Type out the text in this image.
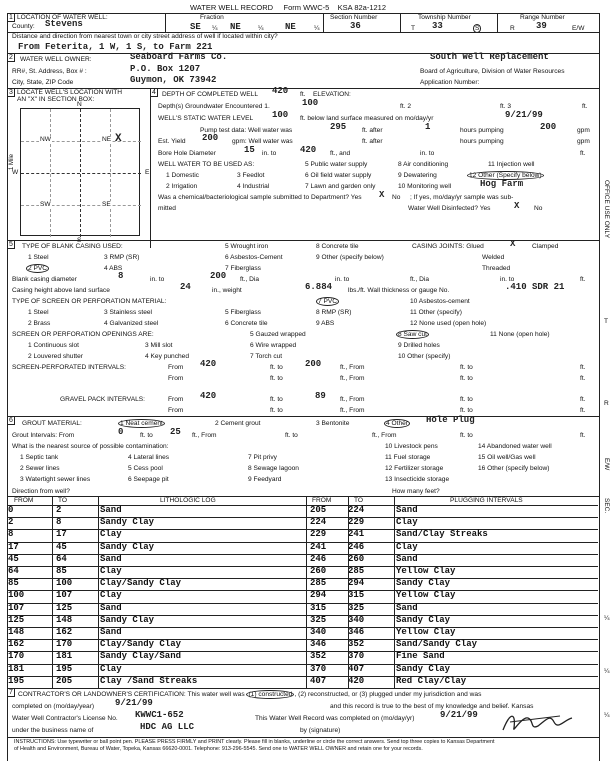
WATER WELL RECORD Form WWC-5 KSA 82a-1212
1 LOCATION OF WATER WELL:
County: Stevens
Fraction
SE ¼ NE	¼ NE	¼
Section Number
36
Township Number
T 33	S
Range Number
R 39	E/W
Distance and direction from nearest town or city street address of well if located within city?
From Feterita, 1 W, 1 S, to Farm 221
2	WATER WELL OWNER:	Seaboard Farms Co.	South Well Replacement
RR#, St. Address, Box # :	P.O. Box 1207	Board of Agriculture, Division of Water Resources
City, State, ZIP Code	Guymon, OK 73942	Application Number:
3 LOCATE WELL'S LOCATION WITH
AN "X" IN SECTION BOX:
N
S
W	E
NW	NE X
SW	SE
1 Mile
4 DEPTH OF COMPLETED WELL 420 ft. ELEVATION:
Depth(s) Groundwater Encountered 1.	100	ft. 2	ft. 3	ft.
WELL'S STATIC WATER LEVEL 100 ft. below land surface measured on mo/day/yr	9/21/99
Pump test data: Well water was	295 ft. after	1	hours pumping	200	gpm
Est. Yield 200 gpm: Well water was	ft. after	hours pumping	gpm
Bore Hole Diameter	15 in. to	420 ft., and	in. to	ft.
WELL WATER TO BE USED AS:	5 Public water supply	8 Air conditioning	11 Injection well
1 Domestic	3 Feedlot	6 Oil field water supply	9 Dewatering	12 Other (Specify below)
2 Irrigation	4 Industrial	7 Lawn and garden only	10 Monitoring well	Hog Farm
Was a chemical/bacteriological sample submitted to Department? Yes X No ; If yes, mo/day/yr sample was sub-
mitted	Water Well Disinfected? Yes	X No
5	TYPE OF BLANK CASING USED:	5 Wrought iron	8 Concrete tile	CASING JOINTS: Glued	X	Clamped
1 Steel	3 RMP (SR)	6 Asbestos-Cement	9 Other (specify below)	Welded
2 PVC	4 ABS	7 Fiberglass	Threaded
Blank casing diameter	8	in. to	200 ft., Dia	in. to	ft., Dia	in. to	ft.
Casing height above land surface	24	in., weight	6.884 lbs./ft. Wall thickness or gauge No.	.410 SDR 21
TYPE OF SCREEN OR PERFORATION MATERIAL:	7 PVC	10 Asbestos-cement
1 Steel	3 Stainless steel	5 Fiberglass	8 RMP (SR)	11 Other (specify)
2 Brass	4 Galvanized steel	6 Concrete tile	9 ABS	12 None used (open hole)
SCREEN OR PERFORATION OPENINGS ARE:	5 Gauzed wrapped	8 Saw cut	11 None (open hole)
1 Continuous slot	3 Mill slot	6 Wire wrapped	9 Drilled holes
2 Louvered shutter	4 Key punched	7 Torch cut	10 Other (specify)
SCREEN-PERFORATED INTERVALS:	From 420	ft. to 200	ft., From	ft. to	ft.
From	ft. to	ft., From	ft. to	ft.
GRAVEL PACK INTERVALS:	From 420	ft. to	89 ft., From	ft. to	ft.
From	ft. to	ft., From	ft. to	ft.
6	GROUT MATERIAL:	1 Neat cement	2 Cement grout	3 Bentonite	4 Other Hole Plug
Grout Intervals: From	0	ft. to 25 ft., From	ft. to	ft., From	ft. to	ft.
What is the nearest source of possible contamination:	10 Livestock pens	14 Abandoned water well
1 Septic tank	4 Lateral lines	7 Pit privy	11 Fuel storage	15 Oil well/Gas well
2 Sewer lines	5 Cess pool	8 Sewage lagoon	12 Fertilizer storage	16 Other (specify below)
3 Watertight sewer lines	6 Seepage pit	9 Feedyard	13 Insecticide storage
Direction from well?	How many feet?
FROM	TO	LITHOLOGIC LOG	FROM	TO	PLUGGING INTERVALS
0	2	Sand	205	224	Sand
2	8	Sandy Clay	224	229	Clay
8	17	Clay	229	241	Sand/Clay Streaks
17	45	Sandy Clay	241	246	Clay
45	64	Sand	246	260	Sand
64	85	Clay	260	285	Yellow Clay
85	100	Clay/Sandy Clay	285	294	Sandy Clay
100	107	Clay	294	315	Yellow Clay
107	125	Sand	315	325	Sand
125	148	Sandy Clay	325	340	Sandy Clay
148	162	Sand	340	346	Yellow Clay
162	170	Clay/Sandy Clay	346	352	Sand/Sandy Clay
170	181	Sandy Clay/Sand	352	370	Fine Sand
181	195	Clay	370	407	Sandy Clay
195	205	Clay /Sand Streaks	407	420	Red Clay/Clay
7 CONTRACTOR'S OR LANDOWNER'S CERTIFICATION: This water well was (1) constructed , (2) reconstructed, or (3) plugged under my jurisdiction and was
completed on (mo/day/year) 9/21/99	and this record is true to the best of my knowledge and belief. Kansas
Water Well Contractor's License No. KWWC1-652	This Water Well Record was completed on (mo/day/yr)	9/21/99
under the business name of	HDC AG LLC	by (signature)
INSTRUCTIONS: Use typewriter or ball point pen. PLEASE PRESS FIRMLY and PRINT clearly. Please fill in blanks, underline or circle the correct answers. Send top three copies to Kansas Department
of Health and Environment, Bureau of Water, Topeka, Kansas 66620-0001. Telephone: 913-296-5545. Send one to WATER WELL OWNER and retain one for your records.
OFFICE USE ONLY
T
R
E/W
SEC.
¼
¼
¼
